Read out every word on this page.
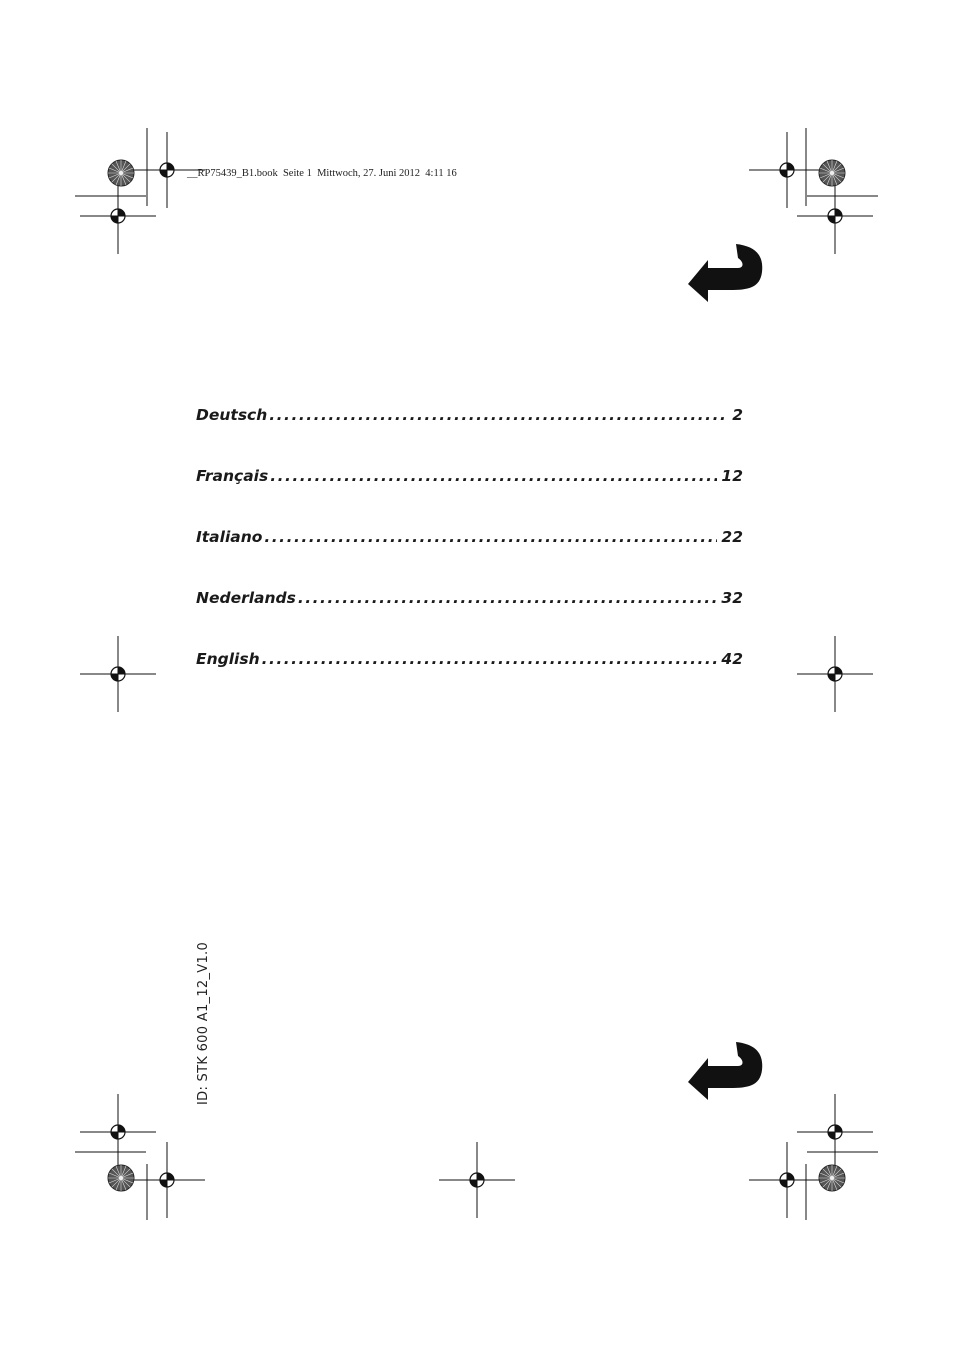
__RP75439_B1.book  Seite 1  Mittwoch, 27. Juni 2012  4:11 16
Deutsch .....	2
Français .....	12
Italiano .....	22
Nederlands .....	32
English .....	42
ID: STK 600 A1_12_V1.0
